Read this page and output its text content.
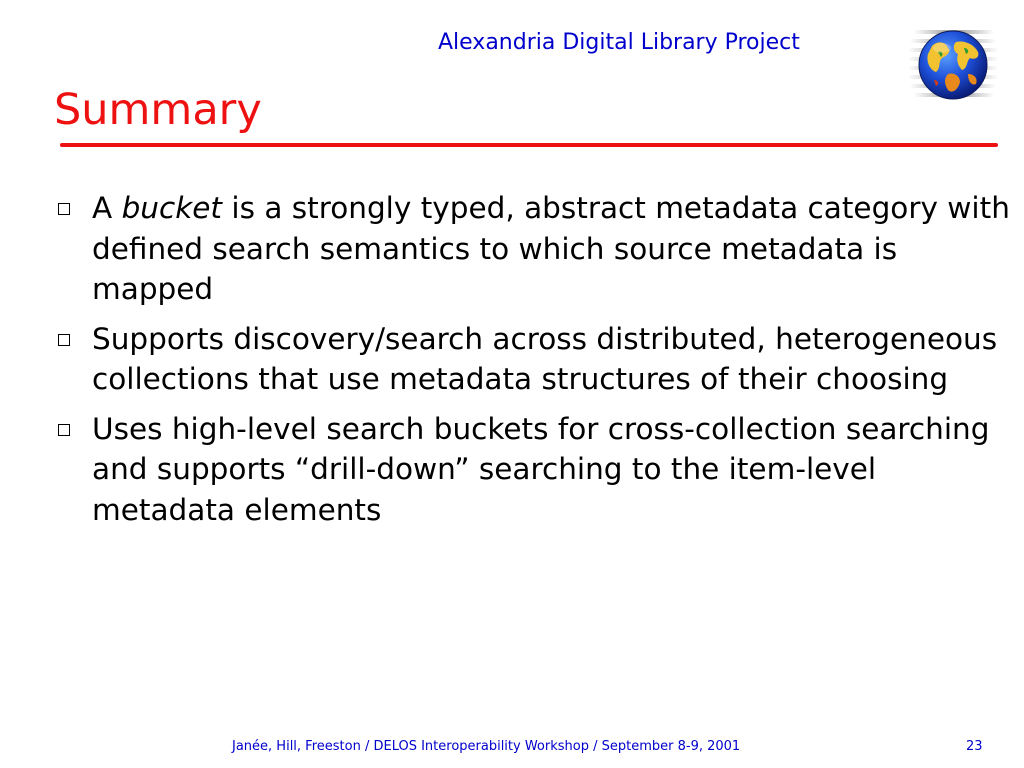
Alexandria Digital Library Project
Summary
A bucket is a strongly typed, abstract metadata category with defined search semantics to which source metadata is mapped
Supports discovery/search across distributed, heterogeneous collections that use metadata structures of their choosing
Uses high-level search buckets for cross-collection searching and supports “drill-down” searching to the item-level metadata elements
Janée, Hill, Freeston / DELOS Interoperability Workshop / September 8-9, 2001	23
